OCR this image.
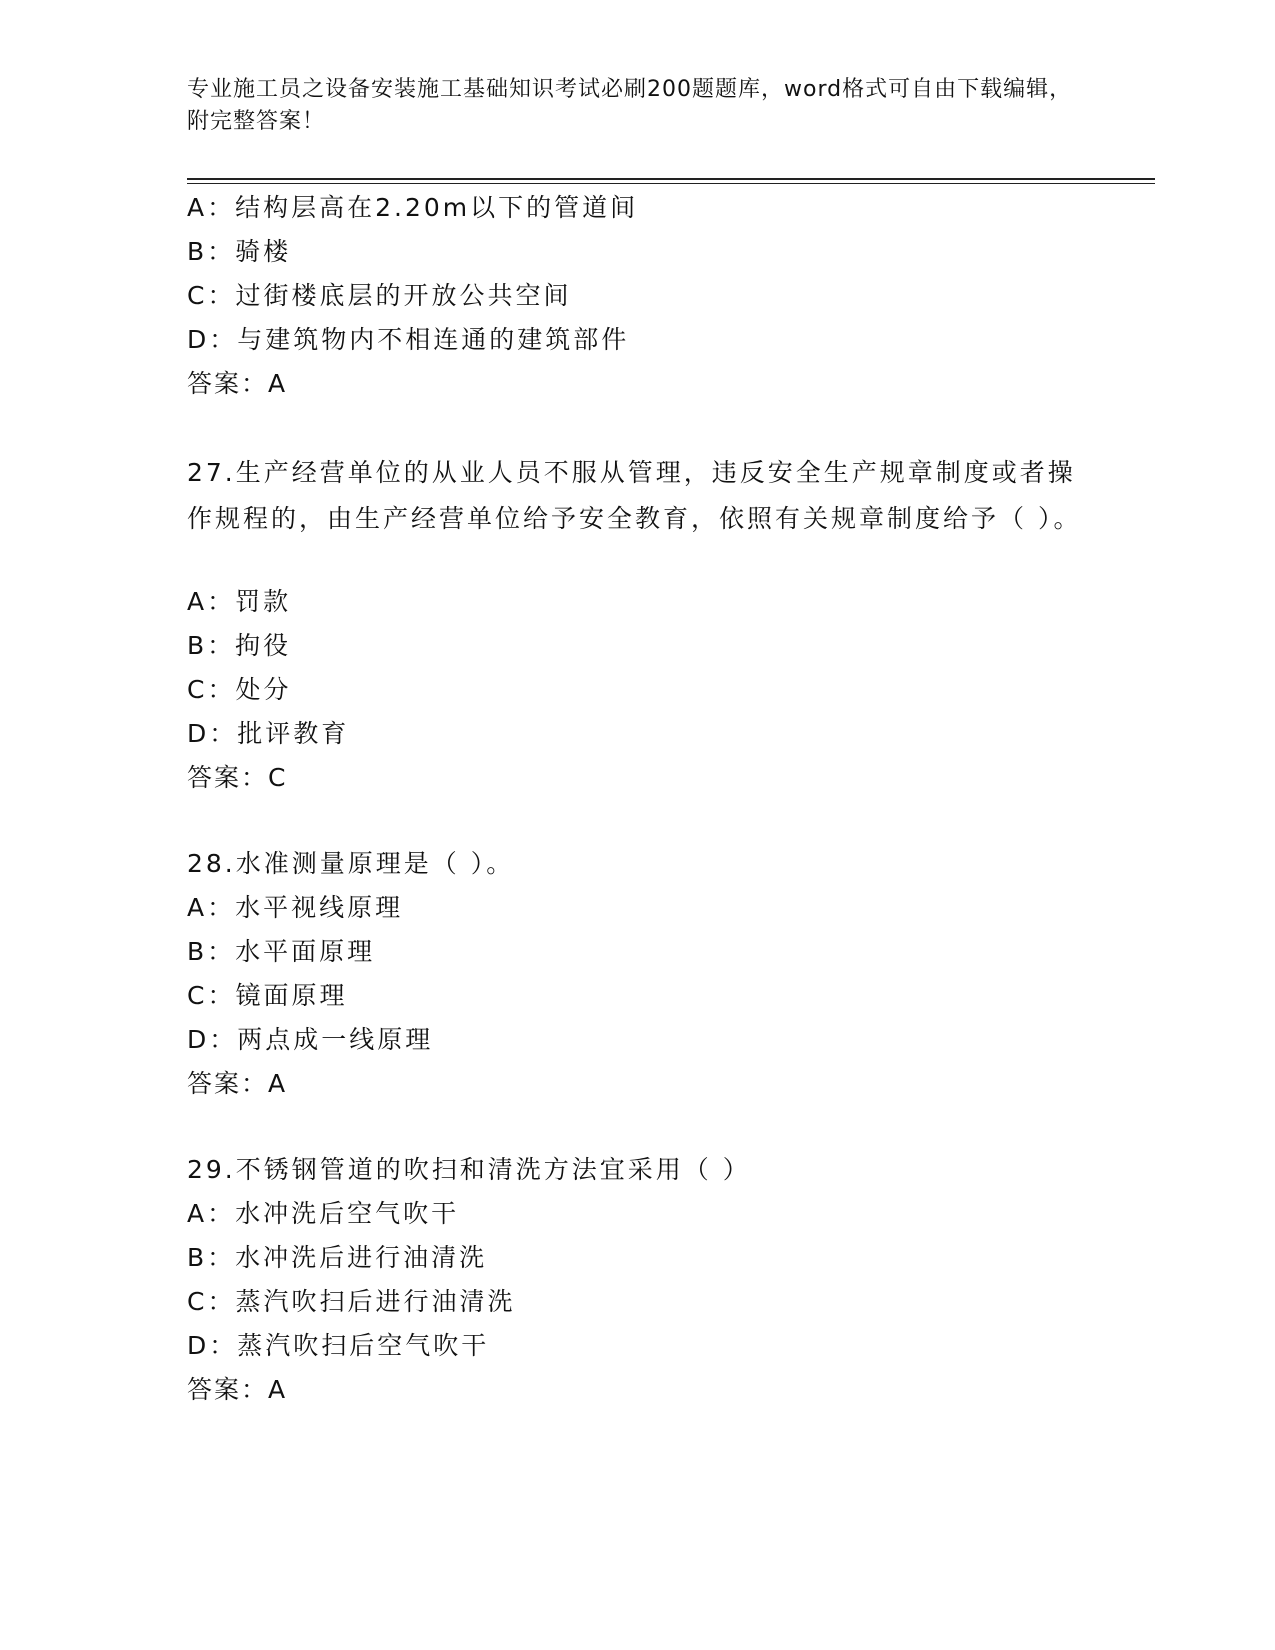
专业施工员之设备安装施工基础知识考试必刷200题题库，word格式可自由下载编辑，附完整答案！
A：结构层高在2.20m以下的管道间
B：骑楼
C：过街楼底层的开放公共空间
D：与建筑物内不相连通的建筑部件
答案：A
27.生产经营单位的从业人员不服从管理，违反安全生产规章制度或者操作规程的，由生产经营单位给予安全教育，依照有关规章制度给予（ ）。
A：罚款
B：拘役
C：处分
D：批评教育
答案：C
28.水准测量原理是（ ）。
A：水平视线原理
B：水平面原理
C：镜面原理
D：两点成一线原理
答案：A
29.不锈钢管道的吹扫和清洗方法宜采用（ ）
A：水冲洗后空气吹干
B：水冲洗后进行油清洗
C：蒸汽吹扫后进行油清洗
D：蒸汽吹扫后空气吹干
答案：A
